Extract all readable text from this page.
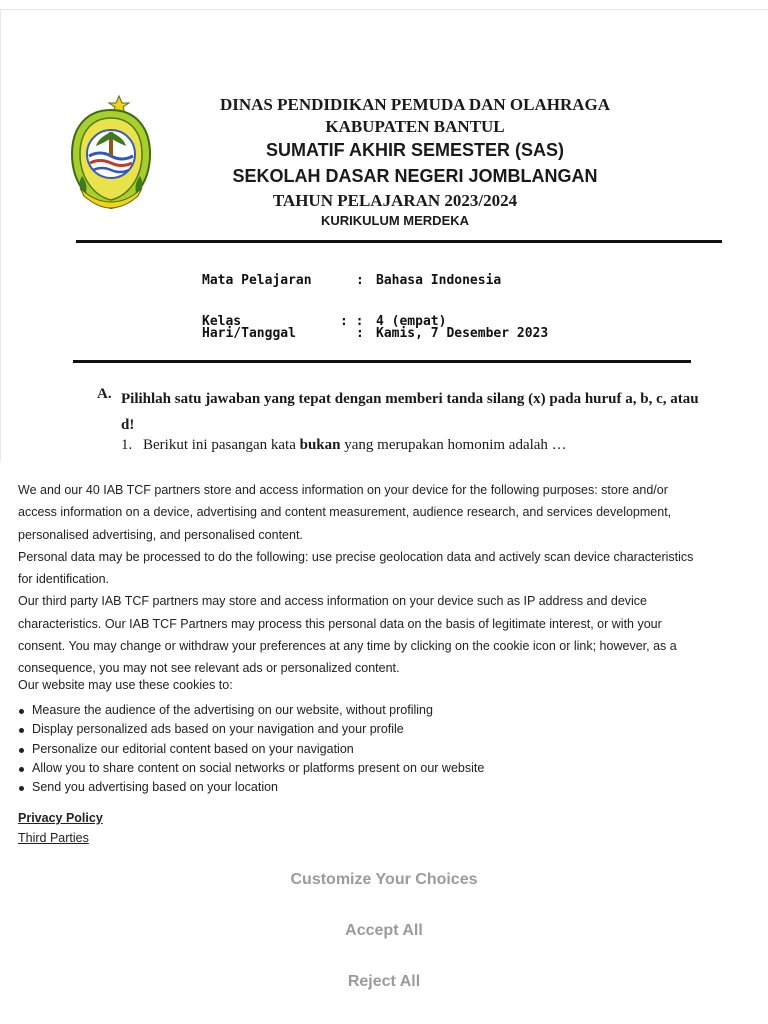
DINAS PENDIDIKAN PEMUDA DAN OLAHRAGA
KABUPATEN BANTUL
SUMATIF AKHIR SEMESTER (SAS)
SEKOLAH DASAR NEGERI JOMBLANGAN
TAHUN PELAJARAN 2023/2024
KURIKULUM MERDEKA
Mata Pelajaran	: Bahasa Indonesia
Kelas	: : 4 (empat)
Hari/Tanggal	: Kamis, 7 Desember 2023
A. Pilihlah satu jawaban yang tepat dengan memberi tanda silang (x) pada huruf a, b, c, atau d!
1. Berikut ini pasangan kata bukan yang merupakan homonim adalah …

We and our 40 IAB TCF partners store and access information on your device for the following purposes: store and/or access information on a device, advertising and content measurement, audience research, and services development, personalised advertising, and personalised content.

Personal data may be processed to do the following: use precise geolocation data and actively scan device characteristics for identification.

Our third party IAB TCF partners may store and access information on your device such as IP address and device characteristics. Our IAB TCF Partners may process this personal data on the basis of legitimate interest, or with your consent. You may change or withdraw your preferences at any time by clicking on the cookie icon or link; however, as a consequence, you may not see relevant ads or personalized content.

Our website may use these cookies to:
Measure the audience of the advertising on our website, without profiling
Display personalized ads based on your navigation and your profile
Personalize our editorial content based on your navigation
Allow you to share content on social networks or platforms present on our website
Send you advertising based on your location
Privacy Policy
Third Parties
Customize Your Choices
Accept All
Reject All
